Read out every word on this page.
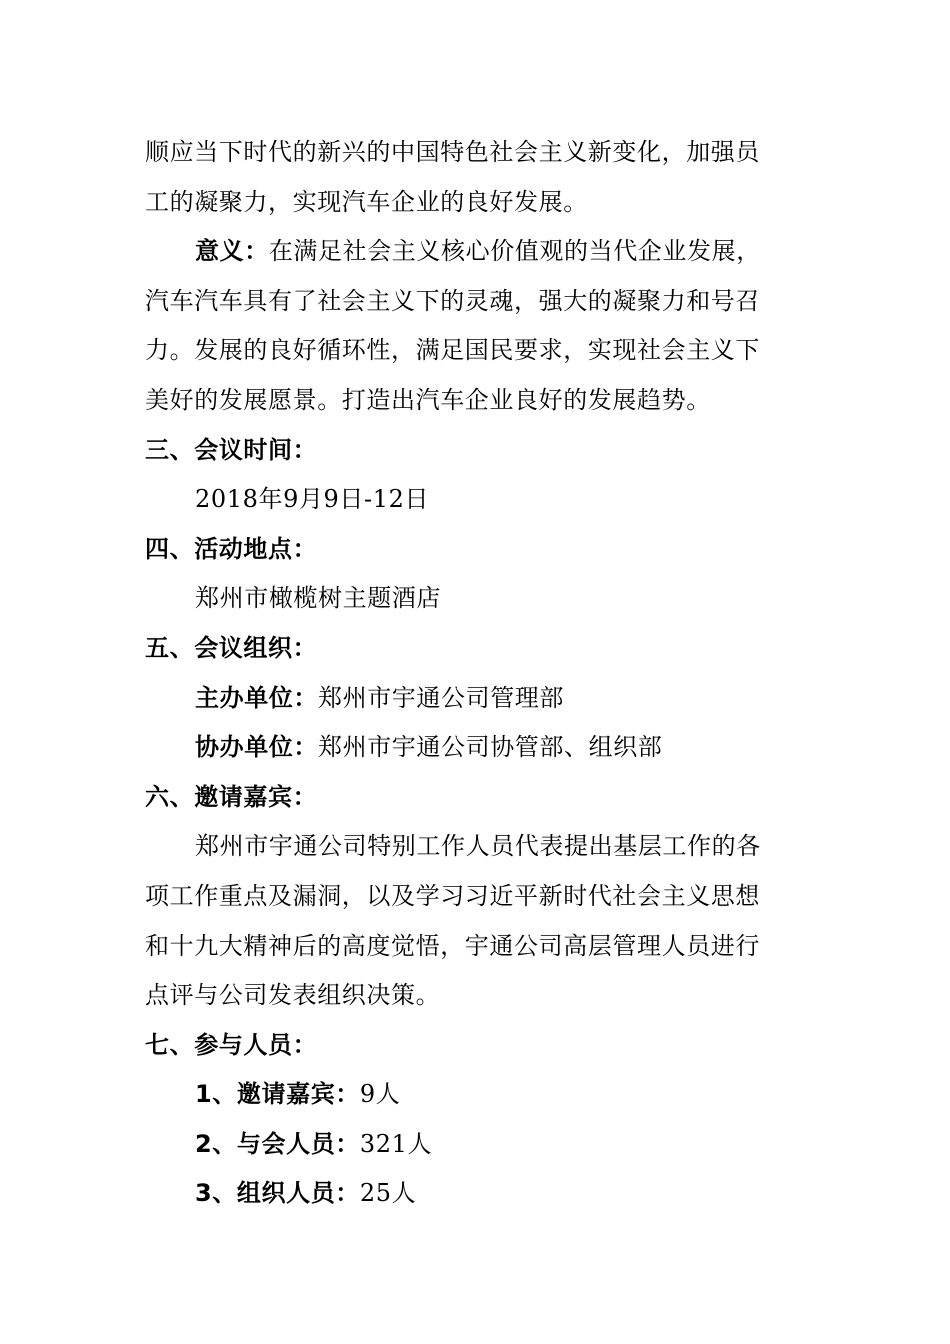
顺应当下时代的新兴的中国特色社会主义新变化，加强员
工的凝聚力，实现汽车企业的良好发展。
意义：在满足社会主义核心价值观的当代企业发展，
汽车汽车具有了社会主义下的灵魂，强大的凝聚力和号召
力。发展的良好循环性，满足国民要求，实现社会主义下
美好的发展愿景。打造出汽车企业良好的发展趋势。
三、会议时间：
2018年9月9日-12日
四、活动地点：
郑州市橄榄树主题酒店
五、会议组织：
主办单位：郑州市宇通公司管理部
协办单位：郑州市宇通公司协管部、组织部
六、邀请嘉宾：
郑州市宇通公司特别工作人员代表提出基层工作的各
项工作重点及漏洞，以及学习习近平新时代社会主义思想
和十九大精神后的高度觉悟，宇通公司高层管理人员进行
点评与公司发表组织决策。
七、参与人员：
1、邀请嘉宾：9人
2、与会人员：321人
3、组织人员：25人
